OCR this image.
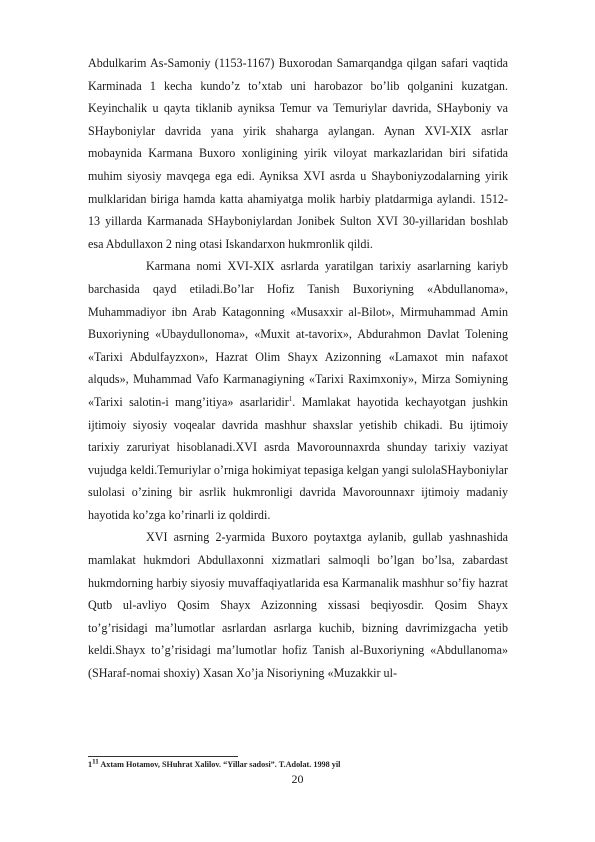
Abdulkarim As-Samoniy (1153-1167) Buxorodan Samarqandga qilgan safari vaqtida Karminada 1 kecha kundo’z to’xtab uni harobazor bo’lib qolganini kuzatgan. Keyinchalik u qayta tiklanib ayniksa Temur va Temuriylar davrida, SHayboniy va SHayboniylar davrida yana yirik shaharga aylangan. Aynan XVI-XIX asrlar mobaynida Karmana Buxoro xonligining yirik viloyat markazlaridan biri sifatida muhim siyosiy mavqega ega edi. Ayniksa XVI asrda u Shayboniyzodalarning yirik mulklaridan biriga hamda katta ahamiyatga molik harbiy platdarmiga aylandi. 1512-13 yillarda Karmanada SHayboniylardan Jonibek Sulton XVI 30-yillaridan boshlab esa Abdullaxon 2 ning otasi Iskandarxon hukmronlik qildi.

Karmana nomi XVI-XIX asrlarda yaratilgan tarixiy asarlarning kariyb barchasida qayd etiladi.Bo’lar Hofiz Tanish Buxoriyning «Abdullanoma», Muhammadiyor ibn Arab Katagonning «Musaxxir al-Bilot», Mirmuhammad Amin Buxoriyning «Ubaydullonoma», «Muxit at-tavorix», Abdurahmon Davlat Tolening «Tarixi Abdulfayzxon», Hazrat Olim Shayx Azizonning «Lamaxot min nafaxot alquds», Muhammad Vafo Karmanagiyning «Tarixi Raximxoniy», Mirza Somiyning «Tarixi salotin-i mang’itiya» asarlaridir$^1$. Mamlakat hayotida kechayotgan jushkin ijtimoiy siyosiy voqealar davrida mashhur shaxslar yetishib chikadi. Bu ijtimoiy tarixiy zaruriyat hisoblanadi.XVI asrda Mavorounnaxrda shunday tarixiy vaziyat vujudga keldi.Temuriylar o’rniga hokimiyat tepasiga kelgan yangi sulolaSHayboniylar sulolasi o’zining bir asrlik hukmronligi davrida Mavorounnaxr ijtimoiy madaniy hayotida ko’zga ko’rinarli iz qoldirdi.

XVI asrning 2-yarmida Buxoro poytaxtga aylanib, gullab yashnashida mamlakat hukmdori Abdullaxonni xizmatlari salmoqli bo’lgan bo’lsa, zabardast hukmdorning harbiy siyosiy muvaffaqiyatlarida esa Karmanalik mashhur so’fiy hazrat Qutb ul-avliyo Qosim Shayx Azizonning xissasi beqiyosdir. Qosim Shayx to’g’risidagi ma’lumotlar asrlardan asrlarga kuchib, bizning davrimizgacha yetib keldi.Shayx to’g’risidagi ma’lumotlar hofiz Tanish al-Buxoriyning «Abdullanoma» (SHaraf-nomai shoxiy) Xasan Xo’ja Nisoriyning «Muzakkir ul-

$1^{11}$ Axtam Hotamov, SHuhrat Xalilov. “Yillar sadosi”. T.Adolat. 1998 yil
20
